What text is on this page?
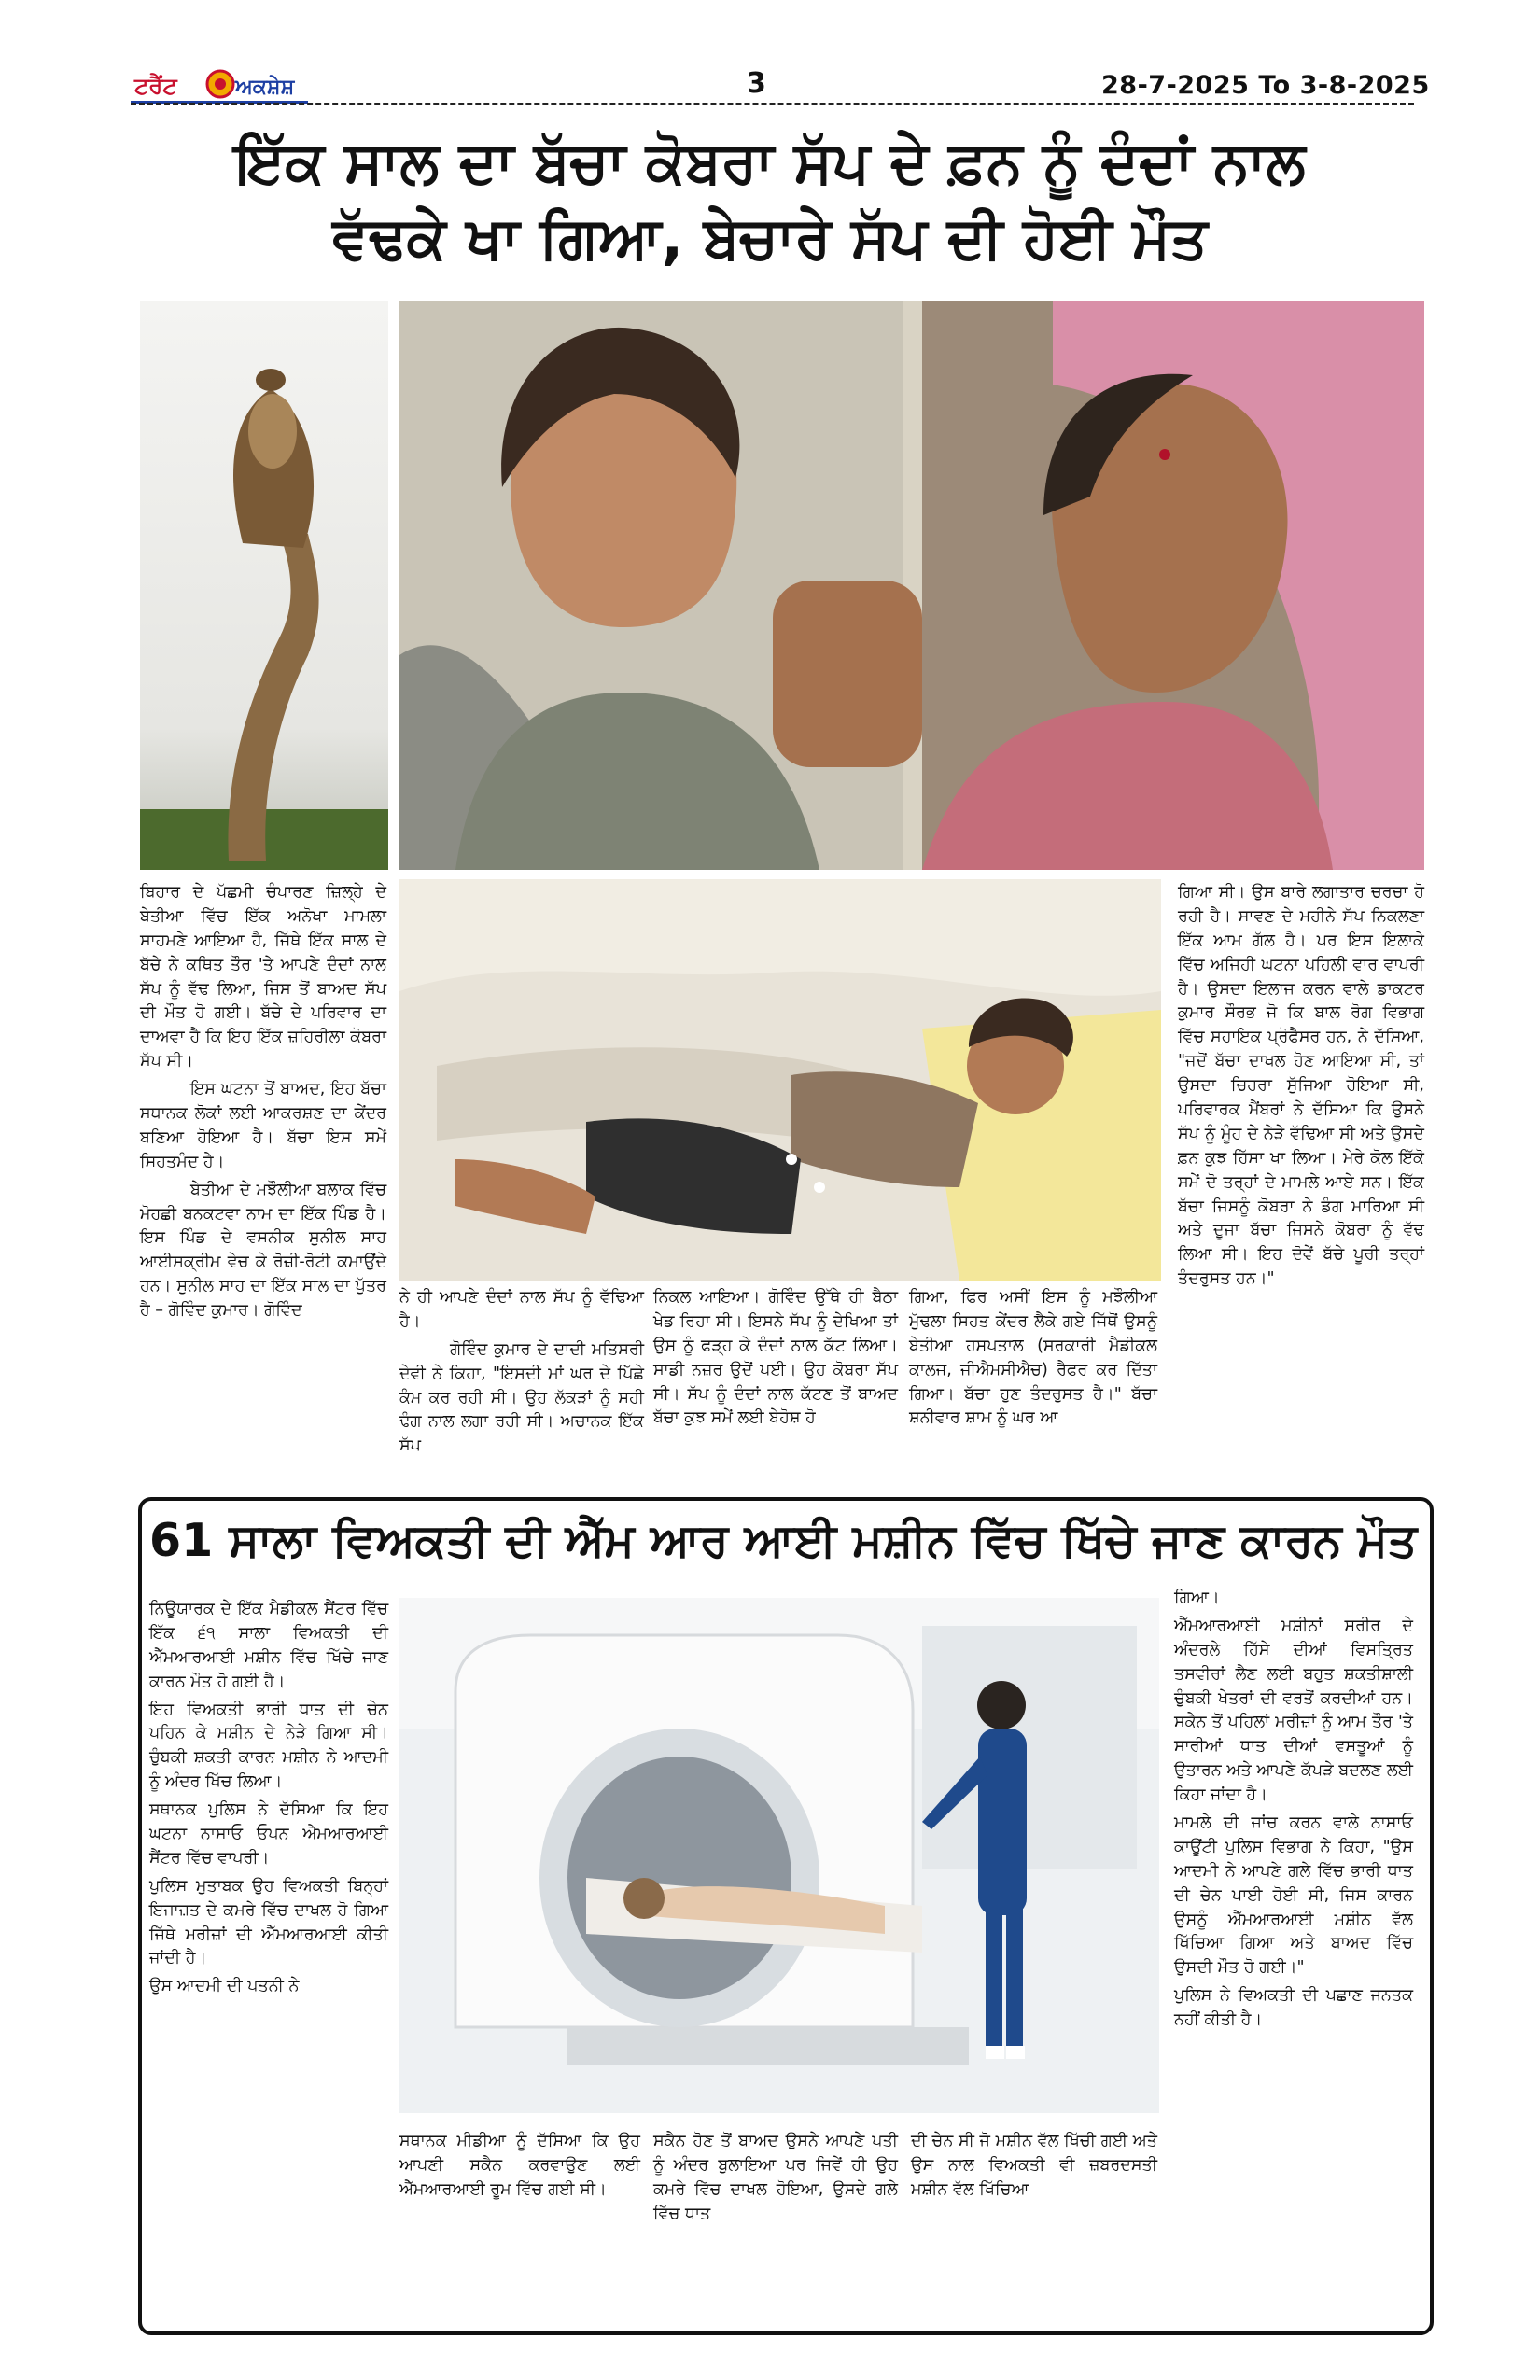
ਟਰੈਂਟ	ਅਕਸ਼ੇਸ਼	3	28-7-2025 To 3-8-2025
ਇੱਕ ਸਾਲ ਦਾ ਬੱਚਾ ਕੋਬਰਾ ਸੱਪ ਦੇ ਫ਼ਨ ਨੂੰ ਦੰਦਾਂ ਨਾਲ
ਵੱਢਕੇ ਖਾ ਗਿਆ, ਬੇਚਾਰੇ ਸੱਪ ਦੀ ਹੋਈ ਮੌਤ

ਬਿਹਾਰ ਦੇ ਪੱਛਮੀ ਚੰਪਾਰਣ ਜ਼ਿਲ੍ਹੇ ਦੇ ਬੇਤੀਆ ਵਿੱਚ ਇੱਕ ਅਨੋਖਾ ਮਾਮਲਾ ਸਾਹਮਣੇ ਆਇਆ ਹੈ, ਜਿੱਥੇ ਇੱਕ ਸਾਲ ਦੇ ਬੱਚੇ ਨੇ ਕਥਿਤ ਤੌਰ 'ਤੇ ਆਪਣੇ ਦੰਦਾਂ ਨਾਲ ਸੱਪ ਨੂੰ ਵੱਢ ਲਿਆ, ਜਿਸ ਤੋਂ ਬਾਅਦ ਸੱਪ ਦੀ ਮੌਤ ਹੋ ਗਈ। ਬੱਚੇ ਦੇ ਪਰਿਵਾਰ ਦਾ ਦਾਅਵਾ ਹੈ ਕਿ ਇਹ ਇੱਕ ਜ਼ਹਿਰੀਲਾ ਕੋਬਰਾ ਸੱਪ ਸੀ।

ਇਸ ਘਟਨਾ ਤੋਂ ਬਾਅਦ, ਇਹ ਬੱਚਾ ਸਥਾਨਕ ਲੋਕਾਂ ਲਈ ਆਕਰਸ਼ਣ ਦਾ ਕੇਂਦਰ ਬਣਿਆ ਹੋਇਆ ਹੈ। ਬੱਚਾ ਇਸ ਸਮੇਂ ਸਿਹਤਮੰਦ ਹੈ।

ਬੇਤੀਆ ਦੇ ਮਝੌਲੀਆ ਬਲਾਕ ਵਿੱਚ ਮੋਹਛੀ ਬਨਕਟਵਾ ਨਾਮ ਦਾ ਇੱਕ ਪਿੰਡ ਹੈ। ਇਸ ਪਿੰਡ ਦੇ ਵਸਨੀਕ ਸੁਨੀਲ ਸਾਹ ਆਈਸਕ੍ਰੀਮ ਵੇਚ ਕੇ ਰੋਜ਼ੀ-ਰੋਟੀ ਕਮਾਉਂਦੇ ਹਨ। ਸੁਨੀਲ ਸਾਹ ਦਾ ਇੱਕ ਸਾਲ ਦਾ ਪੁੱਤਰ ਹੈ – ਗੋਵਿੰਦ ਕੁਮਾਰ। ਗੋਵਿੰਦ

ਨੇ ਹੀ ਆਪਣੇ ਦੰਦਾਂ ਨਾਲ ਸੱਪ ਨੂੰ ਵੱਢਿਆ ਹੈ।

ਗੋਵਿੰਦ ਕੁਮਾਰ ਦੇ ਦਾਦੀ ਮਤਿਸਰੀ ਦੇਵੀ ਨੇ ਕਿਹਾ, "ਇਸਦੀ ਮਾਂ ਘਰ ਦੇ ਪਿੱਛੇ ਕੰਮ ਕਰ ਰਹੀ ਸੀ। ਉਹ ਲੱਕੜਾਂ ਨੂੰ ਸਹੀ ਢੰਗ ਨਾਲ ਲਗਾ ਰਹੀ ਸੀ। ਅਚਾਨਕ ਇੱਕ ਸੱਪ

ਨਿਕਲ ਆਇਆ। ਗੋਵਿੰਦ ਉੱਥੇ ਹੀ ਬੈਠਾ ਖੇਡ ਰਿਹਾ ਸੀ। ਇਸਨੇ ਸੱਪ ਨੂੰ ਦੇਖਿਆ ਤਾਂ ਉਸ ਨੂੰ ਫੜ੍ਹ ਕੇ ਦੰਦਾਂ ਨਾਲ ਕੱਟ ਲਿਆ। ਸਾਡੀ ਨਜ਼ਰ ਉਦੋਂ ਪਈ। ਉਹ ਕੋਬਰਾ ਸੱਪ ਸੀ। ਸੱਪ ਨੂੰ ਦੰਦਾਂ ਨਾਲ ਕੱਟਣ ਤੋਂ ਬਾਅਦ ਬੱਚਾ ਕੁਝ ਸਮੇਂ ਲਈ ਬੇਹੋਸ਼ ਹੋ

ਗਿਆ, ਫਿਰ ਅਸੀਂ ਇਸ ਨੂੰ ਮਝੌਲੀਆ ਮੁੱਢਲਾ ਸਿਹਤ ਕੇਂਦਰ ਲੈਕੇ ਗਏ ਜਿੱਥੋਂ ਉਸਨੂੰ ਬੇਤੀਆ ਹਸਪਤਾਲ (ਸਰਕਾਰੀ ਮੈਡੀਕਲ ਕਾਲਜ, ਜੀਐਮਸੀਐਚ) ਰੈਫਰ ਕਰ ਦਿੱਤਾ ਗਿਆ। ਬੱਚਾ ਹੁਣ ਤੰਦਰੁਸਤ ਹੈ।" ਬੱਚਾ ਸ਼ਨੀਵਾਰ ਸ਼ਾਮ ਨੂੰ ਘਰ ਆ

ਗਿਆ ਸੀ। ਉਸ ਬਾਰੇ ਲਗਾਤਾਰ ਚਰਚਾ ਹੋ ਰਹੀ ਹੈ। ਸਾਵਣ ਦੇ ਮਹੀਨੇ ਸੱਪ ਨਿਕਲਣਾ ਇੱਕ ਆਮ ਗੱਲ ਹੈ। ਪਰ ਇਸ ਇਲਾਕੇ ਵਿੱਚ ਅਜਿਹੀ ਘਟਨਾ ਪਹਿਲੀ ਵਾਰ ਵਾਪਰੀ ਹੈ। ਉਸਦਾ ਇਲਾਜ ਕਰਨ ਵਾਲੇ ਡਾਕਟਰ ਕੁਮਾਰ ਸੌਰਭ ਜੋ ਕਿ ਬਾਲ ਰੋਗ ਵਿਭਾਗ ਵਿੱਚ ਸਹਾਇਕ ਪ੍ਰੋਫੈਸਰ ਹਨ, ਨੇ ਦੱਸਿਆ, "ਜਦੋਂ ਬੱਚਾ ਦਾਖਲ ਹੋਣ ਆਇਆ ਸੀ, ਤਾਂ ਉਸਦਾ ਚਿਹਰਾ ਸੁੱਜਿਆ ਹੋਇਆ ਸੀ, ਪਰਿਵਾਰਕ ਮੈਂਬਰਾਂ ਨੇ ਦੱਸਿਆ ਕਿ ਉਸਨੇ ਸੱਪ ਨੂੰ ਮੂੰਹ ਦੇ ਨੇੜੇ ਵੱਢਿਆ ਸੀ ਅਤੇ ਉਸਦੇ ਫ਼ਨ ਕੁਝ ਹਿੱਸਾ ਖਾ ਲਿਆ। ਮੇਰੇ ਕੋਲ ਇੱਕੋ ਸਮੇਂ ਦੋ ਤਰ੍ਹਾਂ ਦੇ ਮਾਮਲੇ ਆਏ ਸਨ। ਇੱਕ ਬੱਚਾ ਜਿਸਨੂੰ ਕੋਬਰਾ ਨੇ ਡੰਗ ਮਾਰਿਆ ਸੀ ਅਤੇ ਦੂਜਾ ਬੱਚਾ ਜਿਸਨੇ ਕੋਬਰਾ ਨੂੰ ਵੱਢ ਲਿਆ ਸੀ। ਇਹ ਦੋਵੇਂ ਬੱਚੇ ਪੂਰੀ ਤਰ੍ਹਾਂ ਤੰਦਰੁਸਤ ਹਨ।"

61 ਸਾਲਾ ਵਿਅਕਤੀ ਦੀ ਐੱਮ ਆਰ ਆਈ ਮਸ਼ੀਨ ਵਿੱਚ ਖਿੱਚੇ ਜਾਣ ਕਾਰਨ ਮੌਤ

ਨਿਊਯਾਰਕ ਦੇ ਇੱਕ ਮੈਡੀਕਲ ਸੈਂਟਰ ਵਿੱਚ ਇੱਕ ੬੧ ਸਾਲਾ ਵਿਅਕਤੀ ਦੀ ਐੱਮਆਰਆਈ ਮਸ਼ੀਨ ਵਿੱਚ ਖਿੱਚੇ ਜਾਣ ਕਾਰਨ ਮੌਤ ਹੋ ਗਈ ਹੈ।

ਇਹ ਵਿਅਕਤੀ ਭਾਰੀ ਧਾਤ ਦੀ ਚੇਨ ਪਹਿਨ ਕੇ ਮਸ਼ੀਨ ਦੇ ਨੇੜੇ ਗਿਆ ਸੀ। ਚੁੰਬਕੀ ਸ਼ਕਤੀ ਕਾਰਨ ਮਸ਼ੀਨ ਨੇ ਆਦਮੀ ਨੂੰ ਅੰਦਰ ਖਿੱਚ ਲਿਆ।

ਸਥਾਨਕ ਪੁਲਿਸ ਨੇ ਦੱਸਿਆ ਕਿ ਇਹ ਘਟਨਾ ਨਾਸਾਓ ਓਪਨ ਐਮਆਰਆਈ ਸੈਂਟਰ ਵਿੱਚ ਵਾਪਰੀ।

ਪੁਲਿਸ ਮੁਤਾਬਕ ਉਹ ਵਿਅਕਤੀ ਬਿਨ੍ਹਾਂ ਇਜਾਜ਼ਤ ਦੇ ਕਮਰੇ ਵਿੱਚ ਦਾਖਲ ਹੋ ਗਿਆ ਜਿੱਥੇ ਮਰੀਜ਼ਾਂ ਦੀ ਐੱਮਆਰਆਈ ਕੀਤੀ ਜਾਂਦੀ ਹੈ।

ਉਸ ਆਦਮੀ ਦੀ ਪਤਨੀ ਨੇ

ਸਥਾਨਕ ਮੀਡੀਆ ਨੂੰ ਦੱਸਿਆ ਕਿ ਉਹ ਆਪਣੀ ਸਕੈਨ ਕਰਵਾਉਣ ਲਈ ਐੱਮਆਰਆਈ ਰੂਮ ਵਿੱਚ ਗਈ ਸੀ।

ਸਕੈਨ ਹੋਣ ਤੋਂ ਬਾਅਦ ਉਸਨੇ ਆਪਣੇ ਪਤੀ ਨੂੰ ਅੰਦਰ ਬੁਲਾਇਆ ਪਰ ਜਿਵੇਂ ਹੀ ਉਹ ਕਮਰੇ ਵਿੱਚ ਦਾਖਲ ਹੋਇਆ, ਉਸਦੇ ਗਲੇ ਵਿੱਚ ਧਾਤ

ਦੀ ਚੇਨ ਸੀ ਜੋ ਮਸ਼ੀਨ ਵੱਲ ਖਿੱਚੀ ਗਈ ਅਤੇ ਉਸ ਨਾਲ ਵਿਅਕਤੀ ਵੀ ਜ਼ਬਰਦਸਤੀ ਮਸ਼ੀਨ ਵੱਲ ਖਿੱਚਿਆ

ਗਿਆ।

ਐੱਮਆਰਆਈ ਮਸ਼ੀਨਾਂ ਸਰੀਰ ਦੇ ਅੰਦਰਲੇ ਹਿੱਸੇ ਦੀਆਂ ਵਿਸਤ੍ਰਿਤ ਤਸਵੀਰਾਂ ਲੈਣ ਲਈ ਬਹੁਤ ਸ਼ਕਤੀਸ਼ਾਲੀ ਚੁੰਬਕੀ ਖੇਤਰਾਂ ਦੀ ਵਰਤੋਂ ਕਰਦੀਆਂ ਹਨ। ਸਕੈਨ ਤੋਂ ਪਹਿਲਾਂ ਮਰੀਜ਼ਾਂ ਨੂੰ ਆਮ ਤੌਰ 'ਤੇ ਸਾਰੀਆਂ ਧਾਤ ਦੀਆਂ ਵਸਤੂਆਂ ਨੂੰ ਉਤਾਰਨ ਅਤੇ ਆਪਣੇ ਕੱਪੜੇ ਬਦਲਣ ਲਈ ਕਿਹਾ ਜਾਂਦਾ ਹੈ।

ਮਾਮਲੇ ਦੀ ਜਾਂਚ ਕਰਨ ਵਾਲੇ ਨਾਸਾਓ ਕਾਊਂਟੀ ਪੁਲਿਸ ਵਿਭਾਗ ਨੇ ਕਿਹਾ, "ਉਸ ਆਦਮੀ ਨੇ ਆਪਣੇ ਗਲੇ ਵਿੱਚ ਭਾਰੀ ਧਾਤ ਦੀ ਚੇਨ ਪਾਈ ਹੋਈ ਸੀ, ਜਿਸ ਕਾਰਨ ਉਸਨੂੰ ਐੱਮਆਰਆਈ ਮਸ਼ੀਨ ਵੱਲ ਖਿੱਚਿਆ ਗਿਆ ਅਤੇ ਬਾਅਦ ਵਿੱਚ ਉਸਦੀ ਮੌਤ ਹੋ ਗਈ।"

ਪੁਲਿਸ ਨੇ ਵਿਅਕਤੀ ਦੀ ਪਛਾਣ ਜਨਤਕ ਨਹੀਂ ਕੀਤੀ ਹੈ।
